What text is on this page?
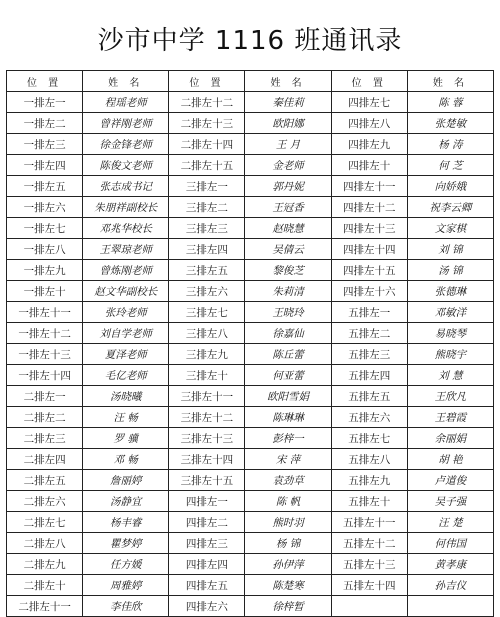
沙市中学 1116 班通讯录
位 置	姓 名	位 置	姓 名	位 置	姓 名
一排左一	程瑶老师	二排左十二	秦佳莉	四排左七	陈 蓉
一排左二	曾祥刚老师	二排左十三	欧阳娜	四排左八	张楚敏
一排左三	徐金锋老师	二排左十四	王 月	四排左九	杨 涛
一排左四	陈俊文老师	二排左十五	金老师	四排左十	何 芝
一排左五	张志成书记	三排左一	郭丹妮	四排左十一	向娇娥
一排左六	朱朋祥副校长	三排左二	王冠香	四排左十二	祝李云卿
一排左七	邓兆华校长	三排左三	赵晓慧	四排左十三	文家棋
一排左八	王翠琼老师	三排左四	吴倩云	四排左十四	刘 锦
一排左九	曾炼刚老师	三排左五	黎俊芝	四排左十五	汤 锦
一排左十	赵文华副校长	三排左六	朱莉清	四排左十六	张德琳
一排左十一	张玲老师	三排左七	王晓玲	五排左一	邓敏洋
一排左十二	刘自学老师	三排左八	徐嘉仙	五排左二	易晓琴
一排左十三	夏泽老师	三排左九	陈丘蕾	五排左三	熊晓宇
一排左十四	毛亿老师	三排左十	何亚蕾	五排左四	刘 慧
二排左一	汤晓曦	三排左十一	欧阳雪娟	五排左五	王欣凡
二排左二	汪 畅	三排左十二	陈琳琳	五排左六	王碧霞
二排左三	罗 骥	三排左十三	彭梓一	五排左七	余丽娟
二排左四	邓 畅	三排左十四	宋 萍	五排左八	胡 艳
二排左五	詹丽婷	三排左十五	袁劲草	五排左九	卢道俊
二排左六	汤静宜	四排左一	陈 帆	五排左十	吴子强
二排左七	杨丰睿	四排左二	熊时羽	五排左十一	汪 楚
二排左八	瞿梦婷	四排左三	杨 锦	五排左十二	何伟国
二排左九	任方媛	四排左四	孙伊萍	五排左十三	黄孝康
二排左十	周雅婷	四排左五	陈楚寒	五排左十四	孙吉仪
二排左十一	李佳欣	四排左六	徐梓暂		
